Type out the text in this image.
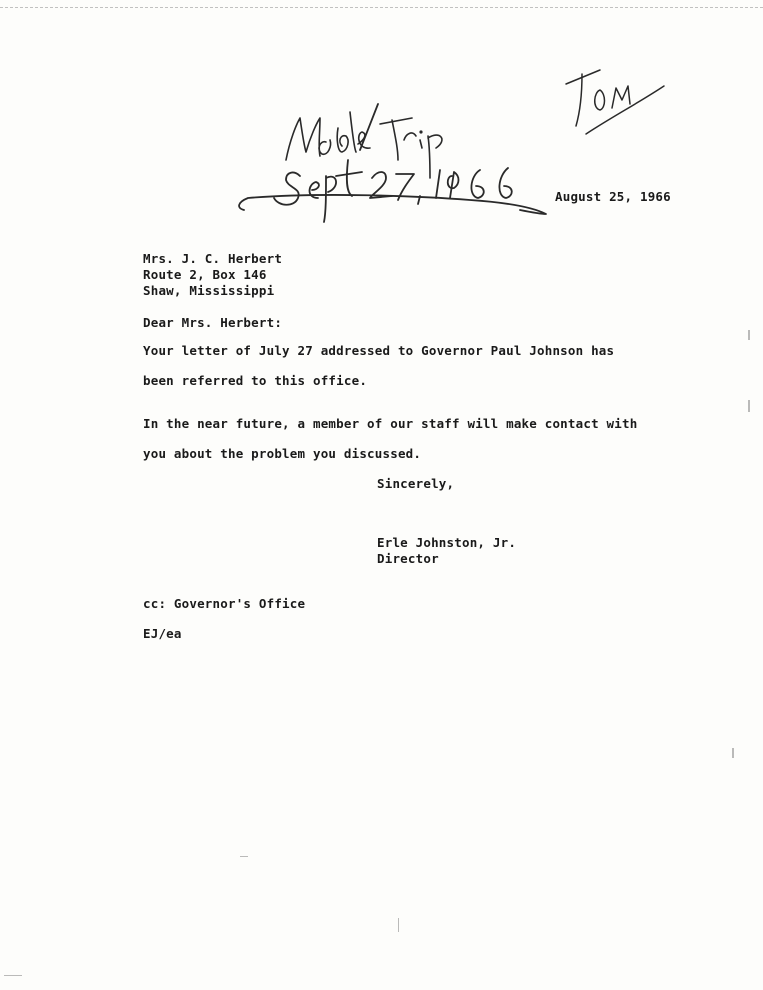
August 25, 1966
Mrs. J. C. Herbert
Route 2, Box 146
Shaw, Mississippi
Dear Mrs. Herbert:
Your letter of July 27 addressed to Governor Paul Johnson has
been referred to this office.
In the near future, a member of our staff will make contact with
you about the problem you discussed.
Sincerely,
Erle Johnston, Jr.
Director
cc: Governor's Office
EJ/ea
